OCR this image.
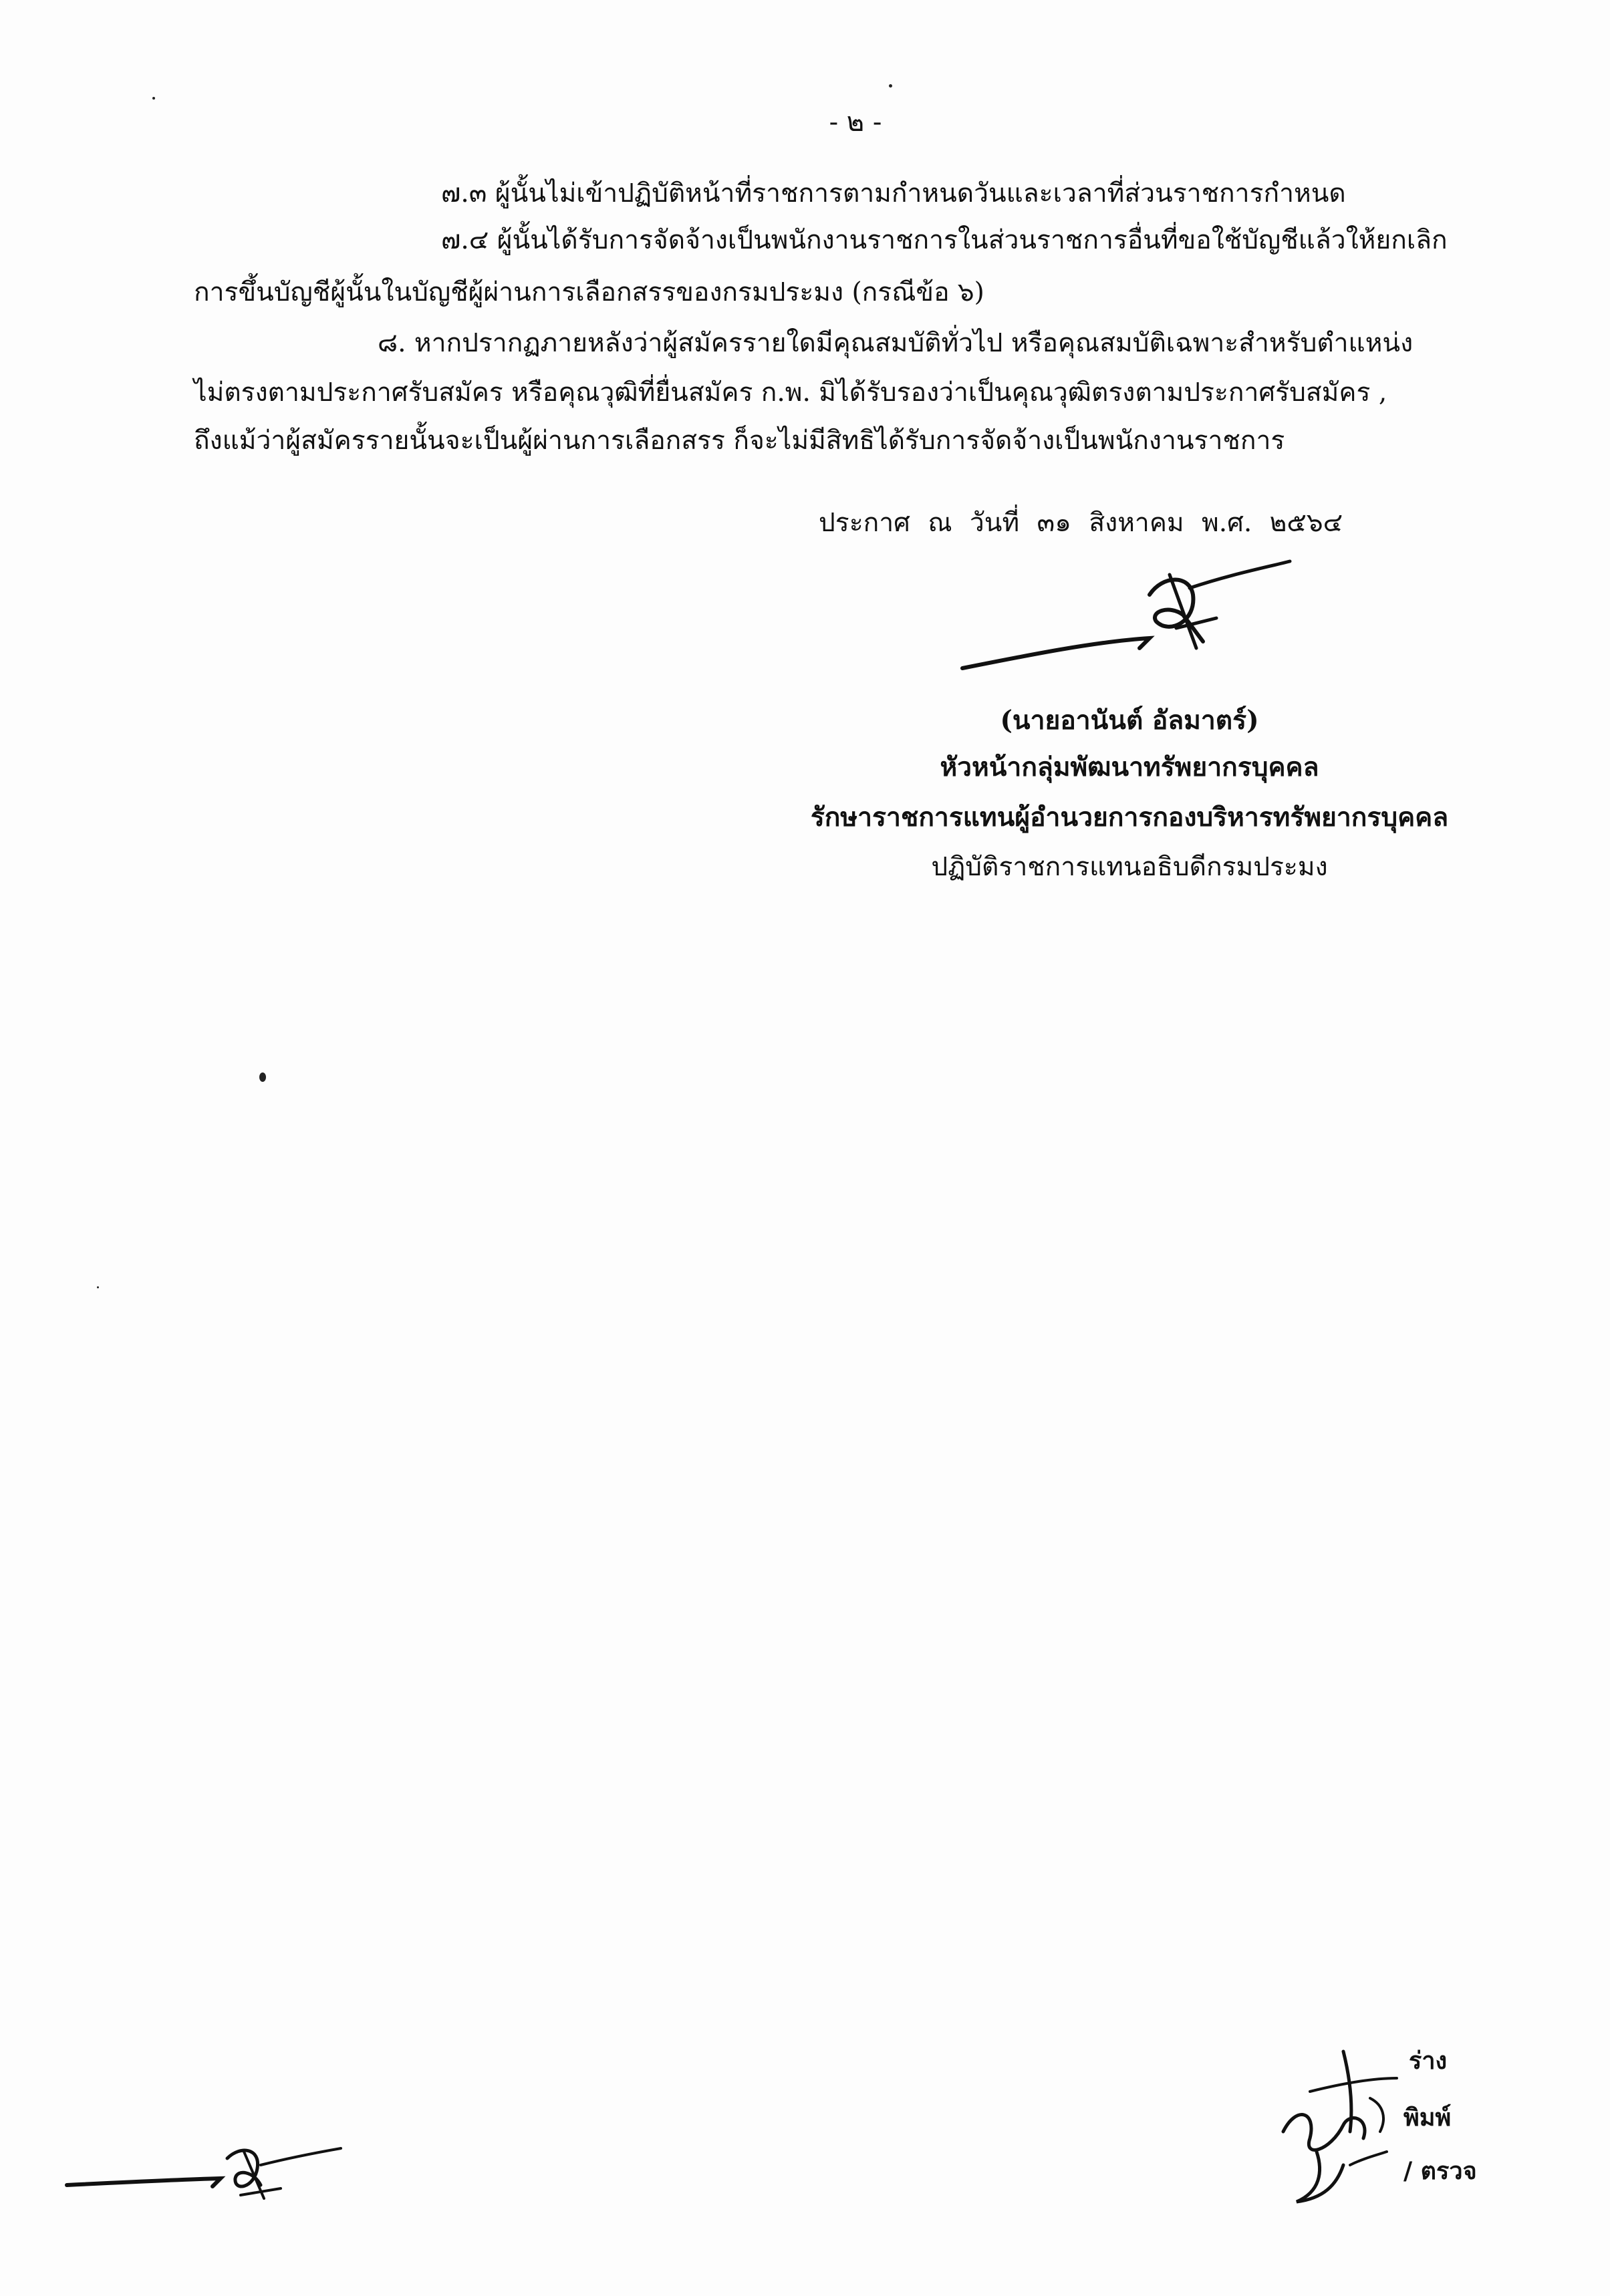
- ๒ -
๗.๓ ผู้นั้นไม่เข้าปฏิบัติหน้าที่ราชการตามกำหนดวันและเวลาที่ส่วนราชการกำหนด
๗.๔ ผู้นั้นได้รับการจัดจ้างเป็นพนักงานราชการในส่วนราชการอื่นที่ขอใช้บัญชีแล้วให้ยกเลิก
การขึ้นบัญชีผู้นั้นในบัญชีผู้ผ่านการเลือกสรรของกรมประมง (กรณีข้อ ๖)
๘. หากปรากฏภายหลังว่าผู้สมัครรายใดมีคุณสมบัติทั่วไป หรือคุณสมบัติเฉพาะสำหรับตำแหน่ง
ไม่ตรงตามประกาศรับสมัคร หรือคุณวุฒิที่ยื่นสมัคร ก.พ. มิได้รับรองว่าเป็นคุณวุฒิตรงตามประกาศรับสมัคร ,
ถึงแม้ว่าผู้สมัครรายนั้นจะเป็นผู้ผ่านการเลือกสรร ก็จะไม่มีสิทธิได้รับการจัดจ้างเป็นพนักงานราชการ
ประกาศ ณ วันที่ ๓๑ สิงหาคม พ.ศ. ๒๕๖๔
(นายอานันต์ อัลมาตร์)
หัวหน้ากลุ่มพัฒนาทรัพยากรบุคคล
รักษาราชการแทนผู้อำนวยการกองบริหารทรัพยากรบุคคล
ปฏิบัติราชการแทนอธิบดีกรมประมง
ร่าง
พิมพ์
/ ตรวจ
